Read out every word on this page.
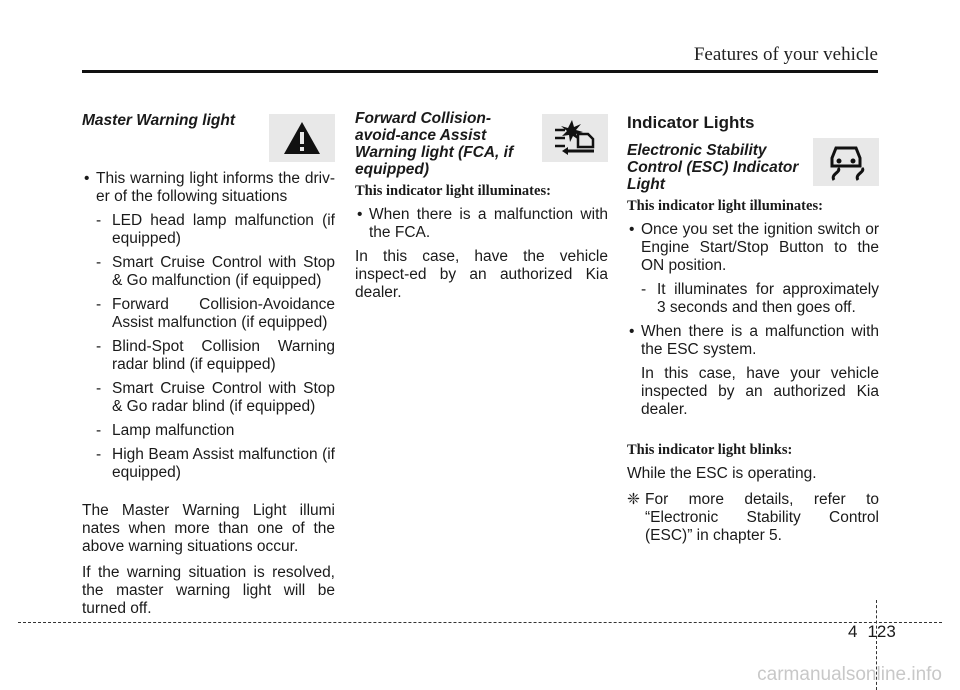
Features of your vehicle
Master Warning light
• This warning light informs the driv-er of the following situations
- LED head lamp malfunction (if equipped)
- Smart Cruise Control with Stop & Go malfunction (if equipped)
- Forward Collision-Avoidance Assist malfunction (if equipped)
- Blind-Spot Collision Warning radar blind (if equipped)
- Smart Cruise Control with Stop & Go radar blind (if equipped)
- Lamp malfunction
- High Beam Assist malfunction (if equipped)
The Master Warning Light illumi nates when more than one of the above warning situations occur.
If the warning situation is resolved, the master warning light will be turned off.
Forward Collision-avoid-ance Assist Warning light (FCA, if equipped)
This indicator light illuminates:
• When there is a malfunction with the FCA.
In this case, have the vehicle inspect-ed by an authorized Kia dealer.
Indicator Lights
Electronic Stability Control (ESC) Indicator Light
This indicator light illuminates:
• Once you set the ignition switch or Engine Start/Stop Button to the ON position.
- It illuminates for approximately 3 seconds and then goes off.
• When there is a malfunction with the ESC system.
In this case, have your vehicle inspected by an authorized Kia dealer.
This indicator light blinks:
While the ESC is operating.
❈ For more details, refer to “Electronic Stability Control (ESC)” in chapter 5.
4 123
carmanualsonline.info
